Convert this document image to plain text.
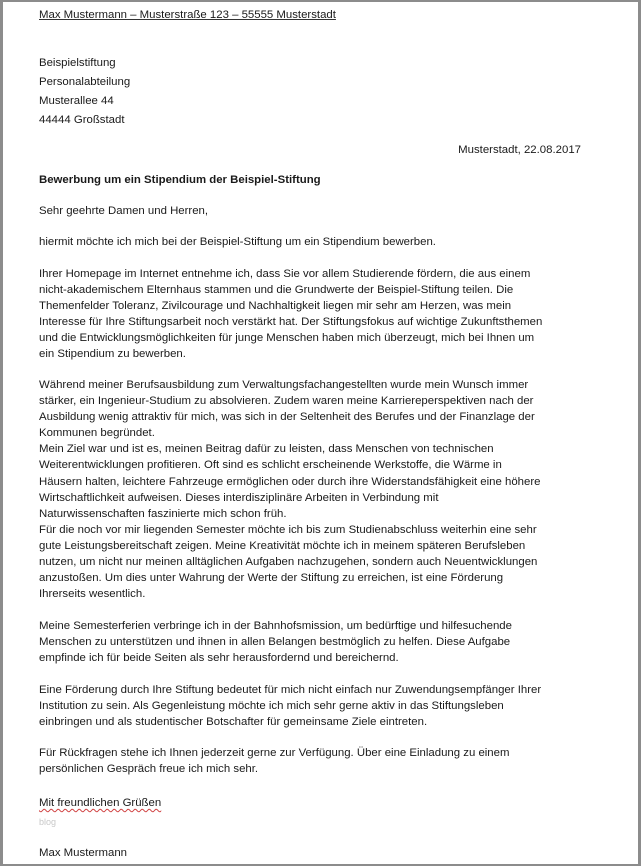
Max Mustermann – Musterstraße 123 – 55555 Musterstadt
Beispielstiftung
Personalabteilung
Musterallee 44
44444 Großstadt
Musterstadt, 22.08.2017
Bewerbung um ein Stipendium der Beispiel-Stiftung
Sehr geehrte Damen und Herren,
hiermit möchte ich mich bei der Beispiel-Stiftung um ein Stipendium bewerben.
Ihrer Homepage im Internet entnehme ich, dass Sie vor allem Studierende fördern, die aus einem
nicht-akademischem Elternhaus stammen und die Grundwerte der Beispiel-Stiftung teilen. Die
Themenfelder Toleranz, Zivilcourage und Nachhaltigkeit liegen mir sehr am Herzen, was mein
Interesse für Ihre Stiftungsarbeit noch verstärkt hat. Der Stiftungsfokus auf wichtige Zukunftsthemen
und die Entwicklungsmöglichkeiten für junge Menschen haben mich überzeugt, mich bei Ihnen um
ein Stipendium zu bewerben.
Während meiner Berufsausbildung zum Verwaltungsfachangestellten wurde mein Wunsch immer
stärker, ein Ingenieur-Studium zu absolvieren. Zudem waren meine Karriereperspektiven nach der
Ausbildung wenig attraktiv für mich, was sich in der Seltenheit des Berufes und der Finanzlage der
Kommunen begründet.
Mein Ziel war und ist es, meinen Beitrag dafür zu leisten, dass Menschen von technischen
Weiterentwicklungen profitieren. Oft sind es schlicht erscheinende Werkstoffe, die Wärme in
Häusern halten, leichtere Fahrzeuge ermöglichen oder durch ihre Widerstandsfähigkeit eine höhere
Wirtschaftlichkeit aufweisen. Dieses interdisziplinäre Arbeiten in Verbindung mit
Naturwissenschaften faszinierte mich schon früh.
Für die noch vor mir liegenden Semester möchte ich bis zum Studienabschluss weiterhin eine sehr
gute Leistungsbereitschaft zeigen. Meine Kreativität möchte ich in meinem späteren Berufsleben
nutzen, um nicht nur meinen alltäglichen Aufgaben nachzugehen, sondern auch Neuentwicklungen
anzustoßen. Um dies unter Wahrung der Werte der Stiftung zu erreichen, ist eine Förderung
Ihrerseits wesentlich.
Meine Semesterferien verbringe ich in der Bahnhofsmission, um bedürftige und hilfesuchende
Menschen zu unterstützen und ihnen in allen Belangen bestmöglich zu helfen. Diese Aufgabe
empfinde ich für beide Seiten als sehr herausfordernd und bereichernd.
Eine Förderung durch Ihre Stiftung bedeutet für mich nicht einfach nur Zuwendungsempfänger Ihrer
Institution zu sein. Als Gegenleistung möchte ich mich sehr gerne aktiv in das Stiftungsleben
einbringen und als studentischer Botschafter für gemeinsame Ziele eintreten.
Für Rückfragen stehe ich Ihnen jederzeit gerne zur Verfügung. Über eine Einladung zu einem
persönlichen Gespräch freue ich mich sehr.
Mit freundlichen Grüßen
blog
Max Mustermann
